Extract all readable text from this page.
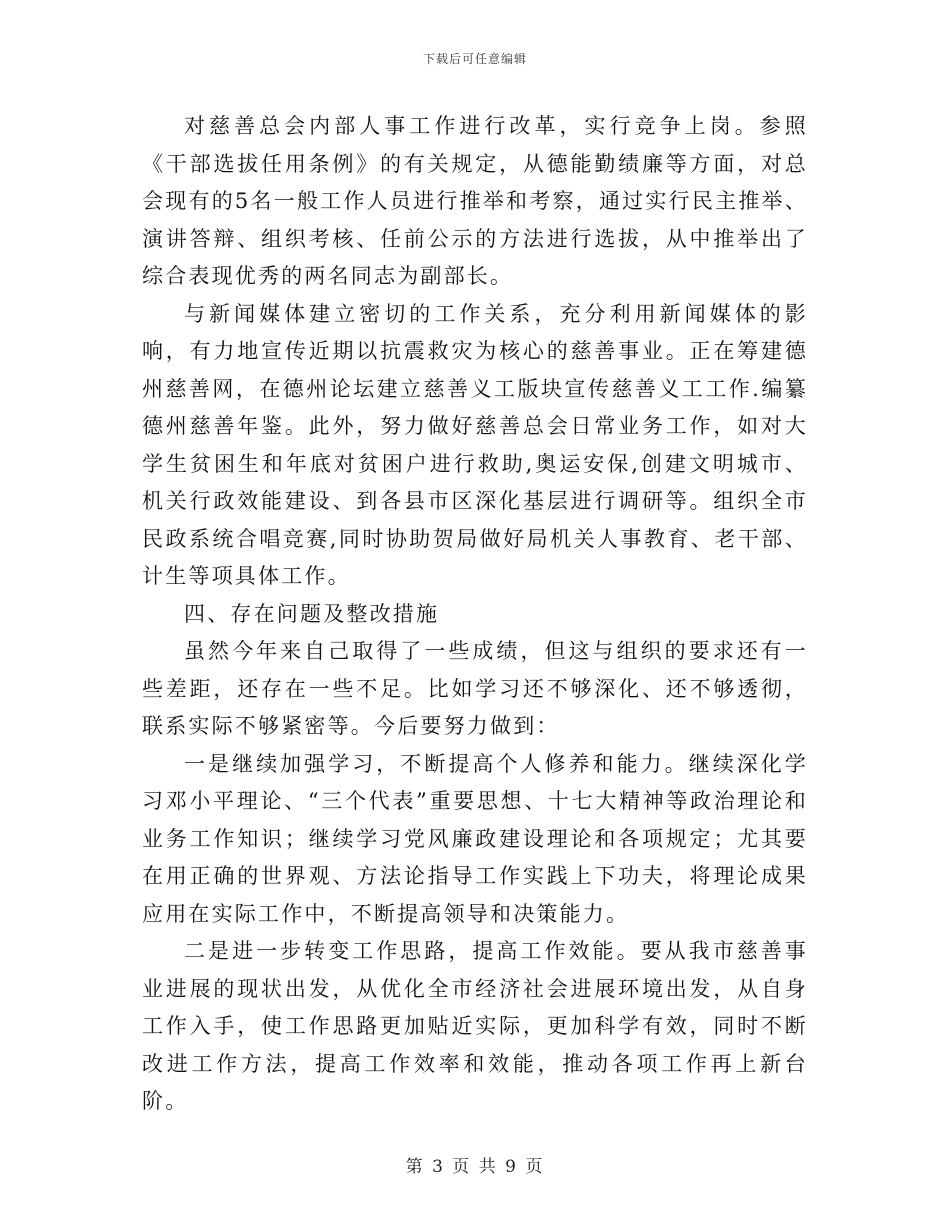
下载后可任意编辑

对慈善总会内部人事工作进行改革，实行竞争上岗。参照《干部选拔任用条例》的有关规定，从德能勤绩廉等方面，对总会现有的5名一般工作人员进行推举和考察，通过实行民主推举、演讲答辩、组织考核、任前公示的方法进行选拔，从中推举出了综合表现优秀的两名同志为副部长。

与新闻媒体建立密切的工作关系，充分利用新闻媒体的影响，有力地宣传近期以抗震救灾为核心的慈善事业。正在筹建德州慈善网，在德州论坛建立慈善义工版块宣传慈善义工工作.编纂德州慈善年鉴。此外，努力做好慈善总会日常业务工作，如对大学生贫困生和年底对贫困户进行救助,奥运安保,创建文明城市、机关行政效能建设、到各县市区深化基层进行调研等。组织全市民政系统合唱竞赛,同时协助贺局做好局机关人事教育、老干部、计生等项具体工作。

四、存在问题及整改措施

虽然今年来自己取得了一些成绩，但这与组织的要求还有一些差距，还存在一些不足。比如学习还不够深化、还不够透彻，联系实际不够紧密等。今后要努力做到：

一是继续加强学习，不断提高个人修养和能力。继续深化学习邓小平理论、“三个代表”重要思想、十七大精神等政治理论和业务工作知识；继续学习党风廉政建设理论和各项规定；尤其要在用正确的世界观、方法论指导工作实践上下功夫，将理论成果应用在实际工作中，不断提高领导和决策能力。

二是进一步转变工作思路，提高工作效能。要从我市慈善事业进展的现状出发，从优化全市经济社会进展环境出发，从自身工作入手，使工作思路更加贴近实际，更加科学有效，同时不断改进工作方法，提高工作效率和效能，推动各项工作再上新台阶。

第 3 页 共 9 页
